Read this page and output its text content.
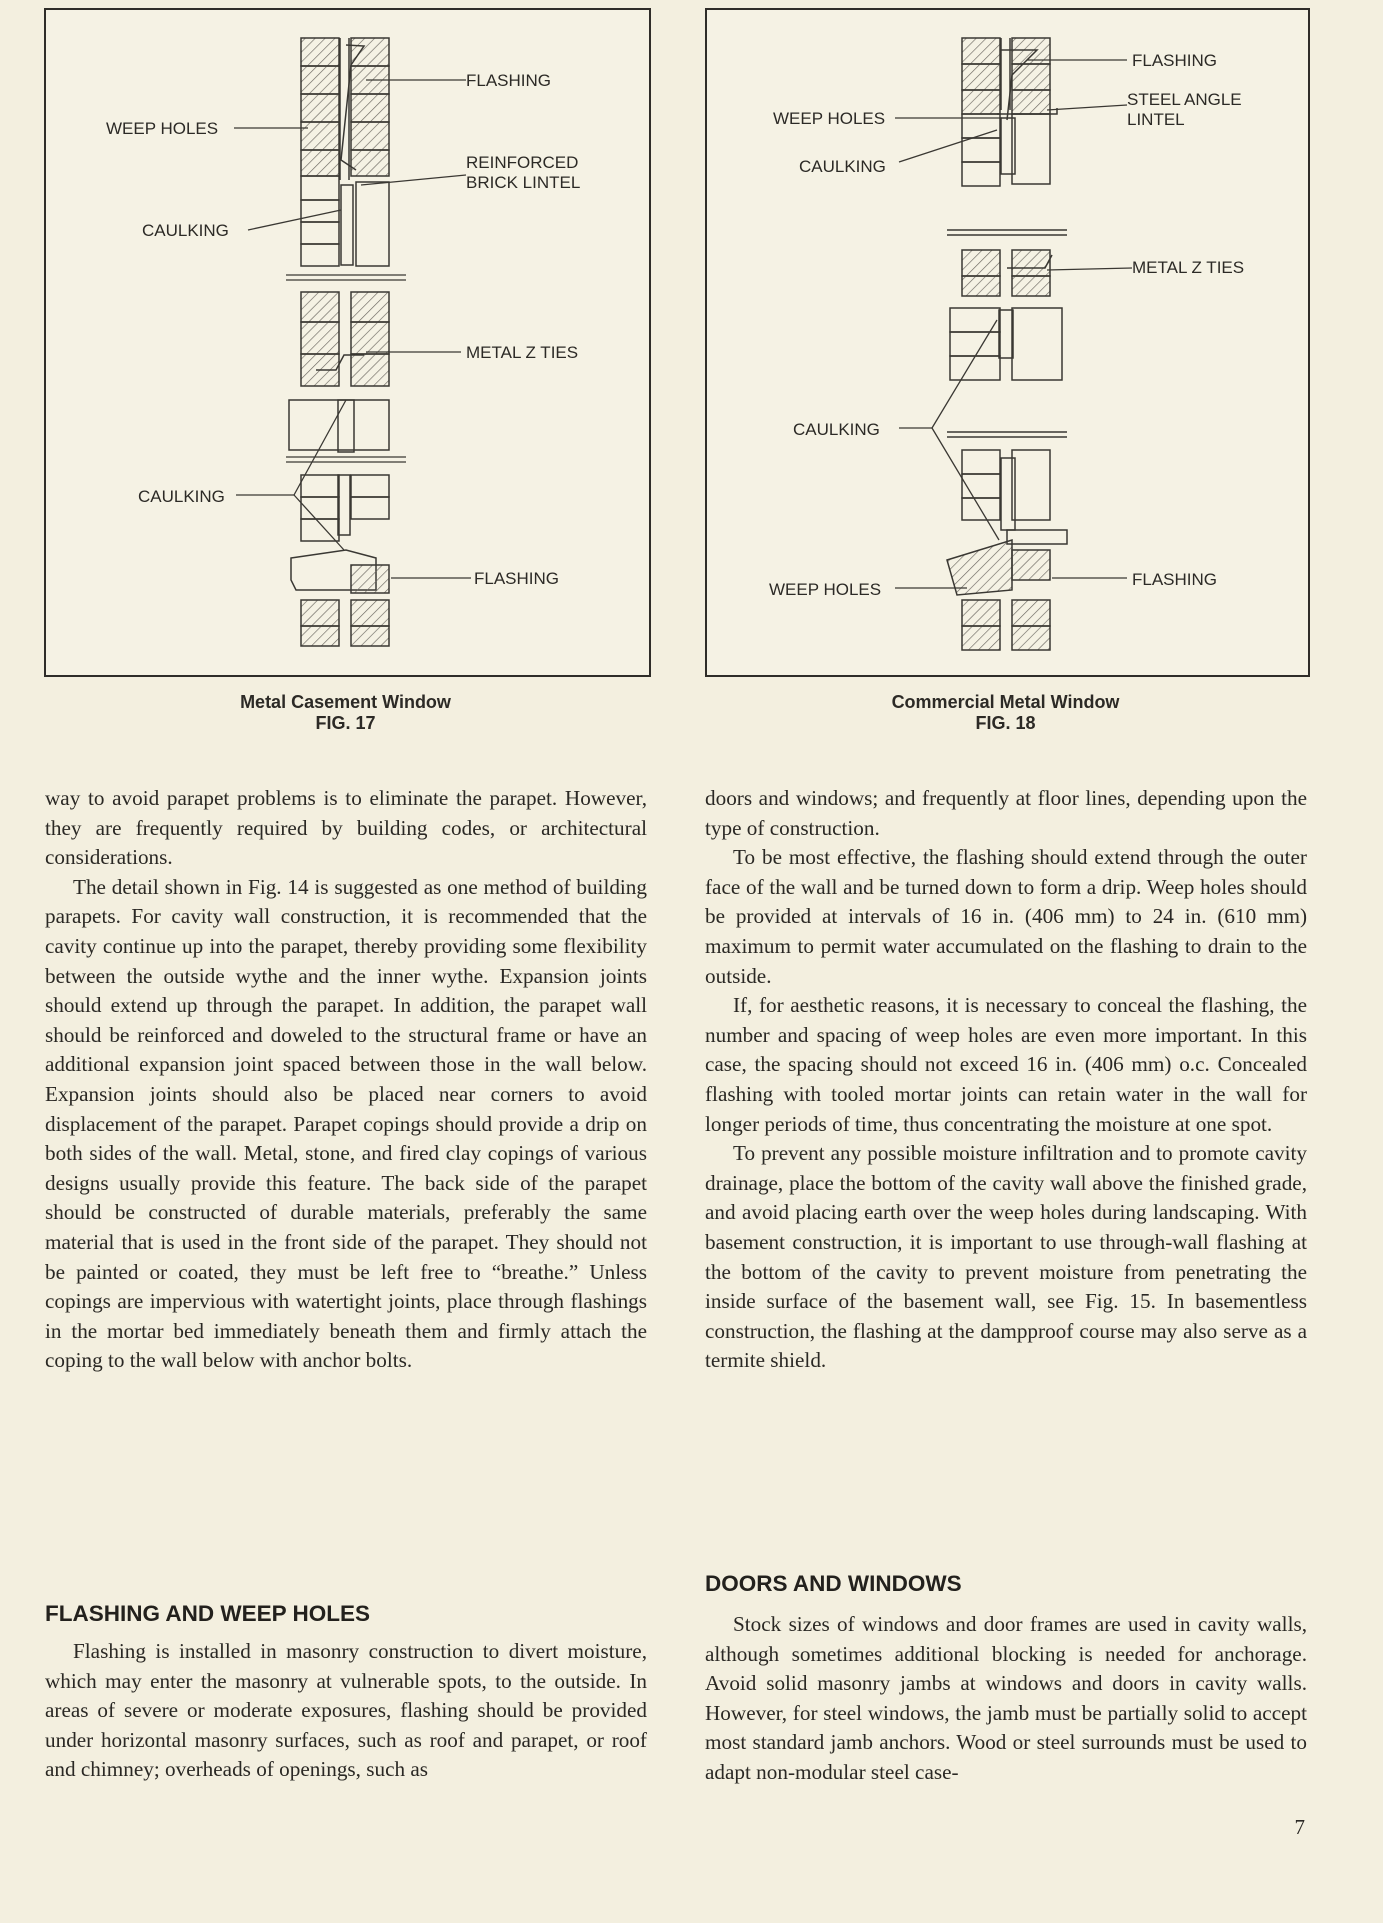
FLASHING
WEEP HOLES
REINFORCED
BRICK LINTEL
CAULKING
METAL Z TIES
CAULKING
FLASHING
Metal Casement Window
FIG. 17
FLASHING
STEEL ANGLE
LINTEL
WEEP HOLES
CAULKING
METAL Z TIES
CAULKING
WEEP HOLES
FLASHING
Commercial Metal Window
FIG. 18

way to avoid parapet problems is to eliminate the parapet. However, they are frequently required by building codes, or architectural considerations.

The detail shown in Fig. 14 is suggested as one method of building parapets. For cavity wall construction, it is recommended that the cavity continue up into the parapet, thereby providing some flexibility between the outside wythe and the inner wythe. Expansion joints should extend up through the parapet. In addition, the parapet wall should be reinforced and doweled to the structural frame or have an additional expansion joint spaced between those in the wall below. Expansion joints should also be placed near corners to avoid displacement of the parapet. Parapet copings should provide a drip on both sides of the wall. Metal, stone, and fired clay copings of various designs usually provide this feature. The back side of the parapet should be constructed of durable materials, preferably the same material that is used in the front side of the parapet. They should not be painted or coated, they must be left free to “breathe.” Unless copings are impervious with watertight joints, place through flashings in the mortar bed immediately beneath them and firmly attach the coping to the wall below with anchor bolts.

FLASHING AND WEEP HOLES

Flashing is installed in masonry construction to divert moisture, which may enter the masonry at vulnerable spots, to the outside. In areas of severe or moderate exposures, flashing should be provided under horizontal masonry surfaces, such as roof and parapet, or roof and chimney; overheads of openings, such as

doors and windows; and frequently at floor lines, depending upon the type of construction.

To be most effective, the flashing should extend through the outer face of the wall and be turned down to form a drip. Weep holes should be provided at intervals of 16 in. (406 mm) to 24 in. (610 mm) maximum to permit water accumulated on the flashing to drain to the outside.

If, for aesthetic reasons, it is necessary to conceal the flashing, the number and spacing of weep holes are even more important. In this case, the spacing should not exceed 16 in. (406 mm) o.c. Concealed flashing with tooled mortar joints can retain water in the wall for longer periods of time, thus concentrating the moisture at one spot.

To prevent any possible moisture infiltration and to promote cavity drainage, place the bottom of the cavity wall above the finished grade, and avoid placing earth over the weep holes during landscaping. With basement construction, it is important to use through-wall flashing at the bottom of the cavity to prevent moisture from penetrating the inside surface of the basement wall, see Fig. 15. In basementless construction, the flashing at the dampproof course may also serve as a termite shield.

DOORS AND WINDOWS

Stock sizes of windows and door frames are used in cavity walls, although sometimes additional blocking is needed for anchorage. Avoid solid masonry jambs at windows and doors in cavity walls. However, for steel windows, the jamb must be partially solid to accept most standard jamb anchors. Wood or steel surrounds must be used to adapt non-modular steel case-

7
